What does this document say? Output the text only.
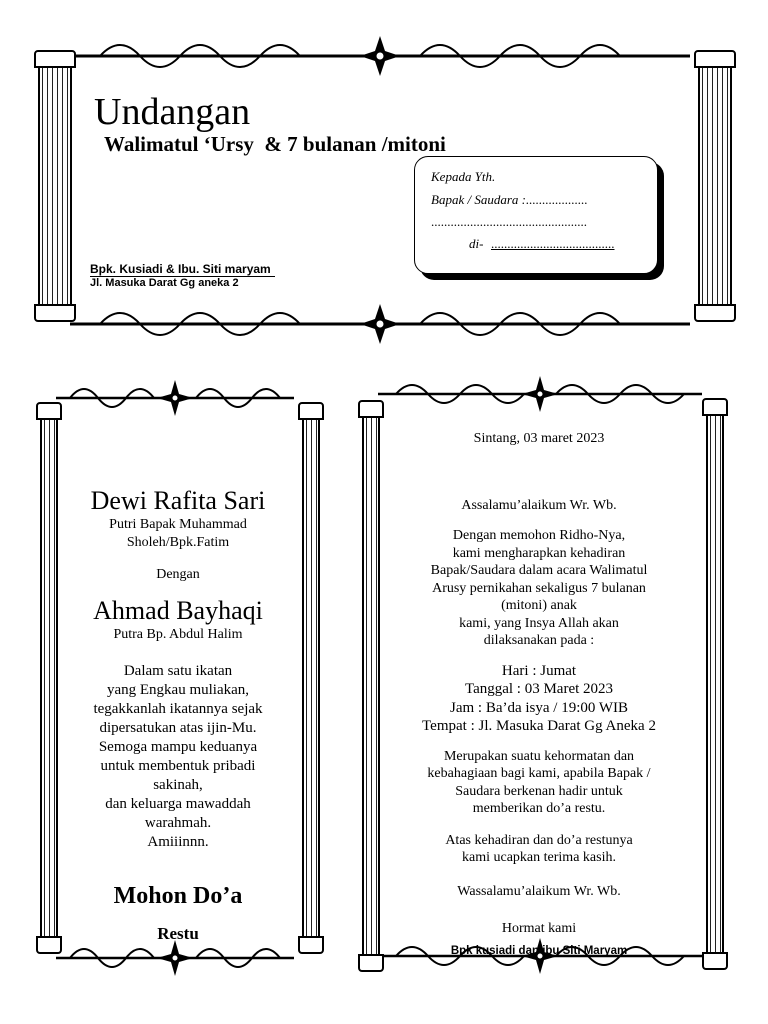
Undangan
Walimatul ‘Ursy  & 7 bulanan /mitoni
Bpk. Kusiadi & Ibu. Siti maryam
Jl. Masuka Darat Gg aneka 2
Kepada Yth.
Bapak / Saudara :...................
................................................
di- ......................................
Dewi Rafita Sari
Putri Bapak Muhammad
Sholeh/Bpk.Fatim
Dengan
Ahmad Bayhaqi
Putra Bp. Abdul Halim

Dalam satu ikatan

yang Engkau muliakan,

tegakkanlah ikatannya sejak

dipersatukan atas ijin-Mu.

Semoga mampu keduanya

untuk membentuk pribadi

sakinah,

dan keluarga mawaddah

warahmah.

Amiiinnn.

Mohon Do’a
Restu
Sintang, 03 maret 2023
Assalamu’alaikum Wr. Wb.

Dengan memohon Ridho-Nya,

kami mengharapkan kehadiran

Bapak/Saudara dalam acara Walimatul

Arusy pernikahan sekaligus 7 bulanan

(mitoni) anak

kami, yang Insya Allah akan

dilaksanakan pada :

Hari : Jumat

Tanggal : 03 Maret 2023

Jam : Ba’da isya / 19:00 WIB

Tempat : Jl. Masuka Darat Gg Aneka 2

Merupakan suatu kehormatan dan

kebahagiaan bagi kami, apabila Bapak /

Saudara berkenan hadir untuk

memberikan do’a restu.

Atas kehadiran dan do’a restunya

kami ucapkan terima kasih.

Wassalamu’alaikum Wr. Wb.
Hormat kami
Bpk kusiadi dan ibu Siti Maryam
